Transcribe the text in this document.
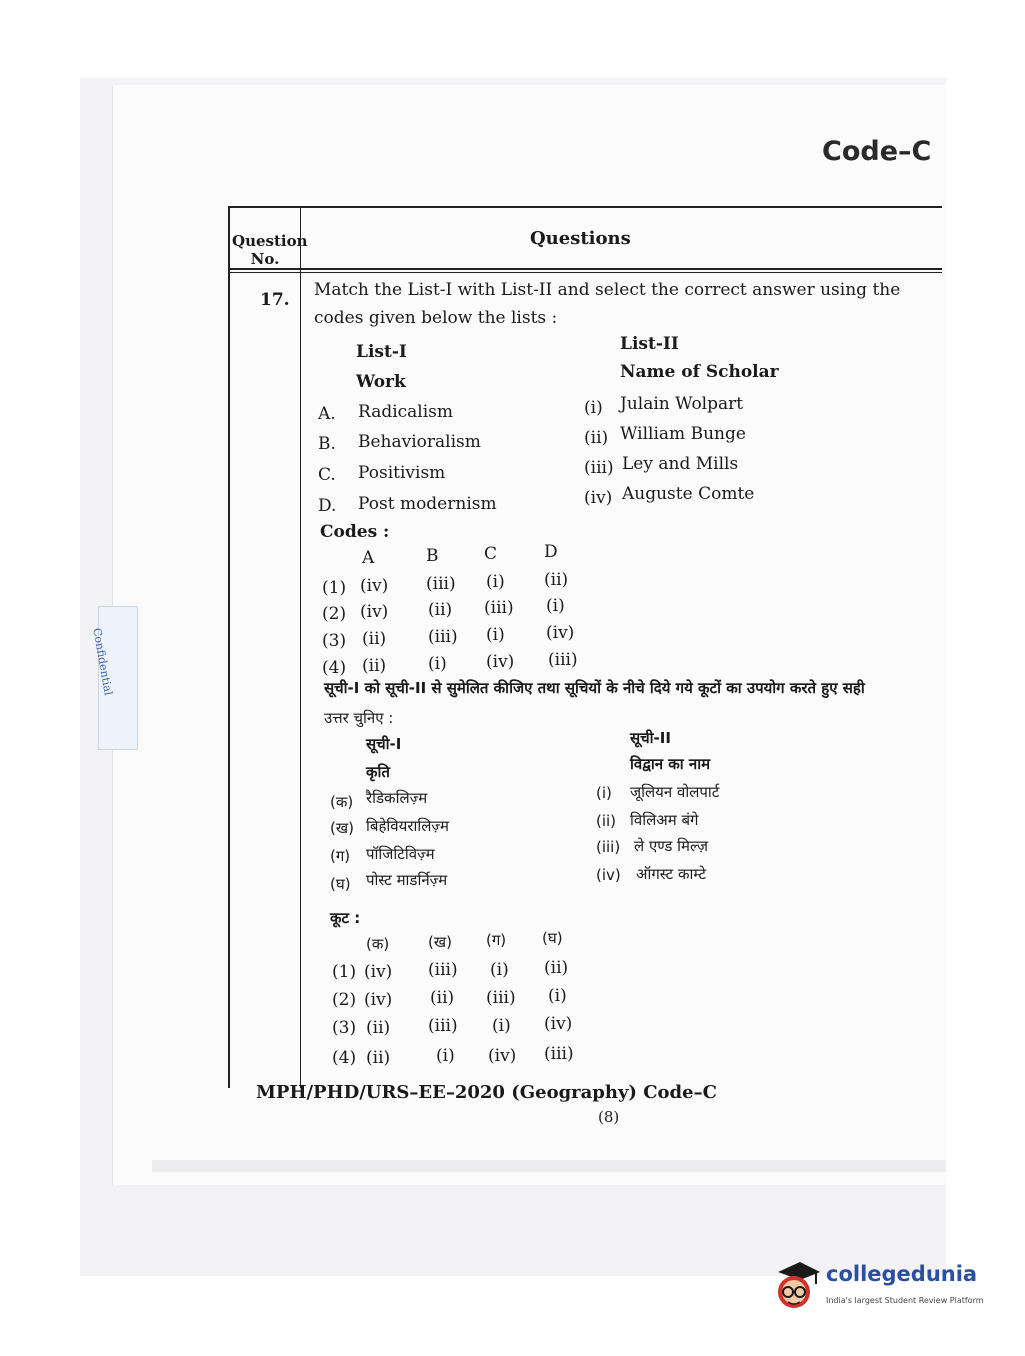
Code–C
Confidential
Question No.
Questions
17. Match the List-I with List-II and select the correct answer using the
codes given below the lists :
List-I
Work
List-II
Name of Scholar
A. Radicalism
B. Behavioralism
C. Positivism
D. Post modernism
(i) Julain Wolpart
(ii) William Bunge
(iii) Ley and Mills
(iv) Auguste Comte
Codes :
A	B	C	D
(1) (iv) (iii) (i) (ii)
(2) (iv) (ii) (iii) (i)
(3) (ii) (iii) (i) (iv)
(4) (ii) (i) (iv) (iii)
सूची-I को सूची-II से सुमेलित कीजिए तथा सूचियों के नीचे दिये गये कूटों का उपयोग करते हुए सही
उत्तर चुनिए :
सूची-I
कृति
सूची-II
विद्वान का नाम
(क) रैडिकलिज़्म
(ख) बिहेवियरालिज़्म
(ग) पॉजिटिविज़्म
(घ) पोस्ट माडर्निज़्म
(i) जूलियन वोलपार्ट
(ii) विलिअम बंगे
(iii) ले एण्ड मिल्ज़
(iv) ऑगस्ट काम्टे
कूट :
(क)	(ख) (ग) (घ)
(1) (iv) (iii) (i) (ii)
(2) (iv) (ii) (iii) (i)
(3) (ii) (iii) (i) (iv)
(4) (ii)	(i) (iv) (iii)
MPH/PHD/URS–EE–2020 (Geography) Code–C
(8)
collegedunia
India's largest Student Review Platform
